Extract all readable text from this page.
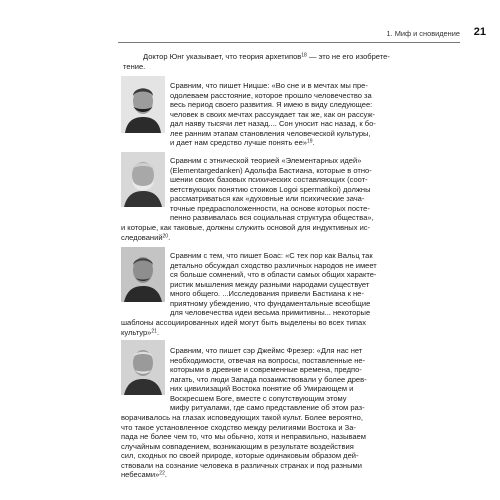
1. Миф и сновидение 21
Доктор Юнг указывает, что теория архетипов$^{18}$ — это не его изобрете-
тение.
Сравним, что пишет Ницше: «Во сне и в мечтах мы пре-
одолеваем расстояние, которое прошло человечество за
весь период своего развития. Я имею в виду следующее:
человек в своих мечтах рассуждает так же, как он рассуж-
дал наяву тысячи лет назад.... Сон уносит нас назад, к бо-
лее ранним этапам становления человеческой культуры,
и дает нам средство лучше понять ее»$^{19}$.
Сравним с этнической теорией «Элементарных идей»
(Elementargedanken) Адольфа Бастиана, которые в отно-
шении своих базовых психических составляющих (соот-
ветствующих понятию стоиков Logoi spermatikoi) должны
рассматриваться как «духовные или психические зача-
точные предрасположенности, на основе которых посте-
пенно развивалась вся социальная структура общества»,
и которые, как таковые, должны служить основой для индуктивных ис-
следований$^{20}$.
Сравним с тем, что пишет Боас: «С тех пор как Вальц так
детально обсуждал сходство различных народов не имеет
ся больше сомнений, что в области самых общих характе-
ристик мышления между разными народами существует
много общего. ...Исследования привели Бастиана к не-
приятному убеждению, что фундаментальные всеобщие
для человечества идеи весьма примитивны... некоторые
шаблоны ассоциированных идей могут быть выделены во всех типах
культур»$^{21}$.
Сравним, что пишет сэр Джеймс Фрезер: «Для нас нет
необходимости, отвечая на вопросы, поставленные не-
которыми в древние и современные времена, предпо-
лагать, что люди Запада позаимствовали у более древ-
них цивилизаций Востока понятие об Умирающем и
Воскресшем Боге, вместе с сопутствующим этому
мифу ритуалами, где само представление об этом раз-
ворачивалось на глазах исповедующих такой культ. Более вероятно,
что такое установленное сходство между религиями Востока и За-
пада не более чем то, что мы обычно, хотя и неправильно, называем
случайным совпадением, возникающим в результате воздействия
сил, сходных по своей природе, которые одинаковым образом дей-
ствовали на сознание человека в различных странах и под разными
небесами»$^{22}$.
